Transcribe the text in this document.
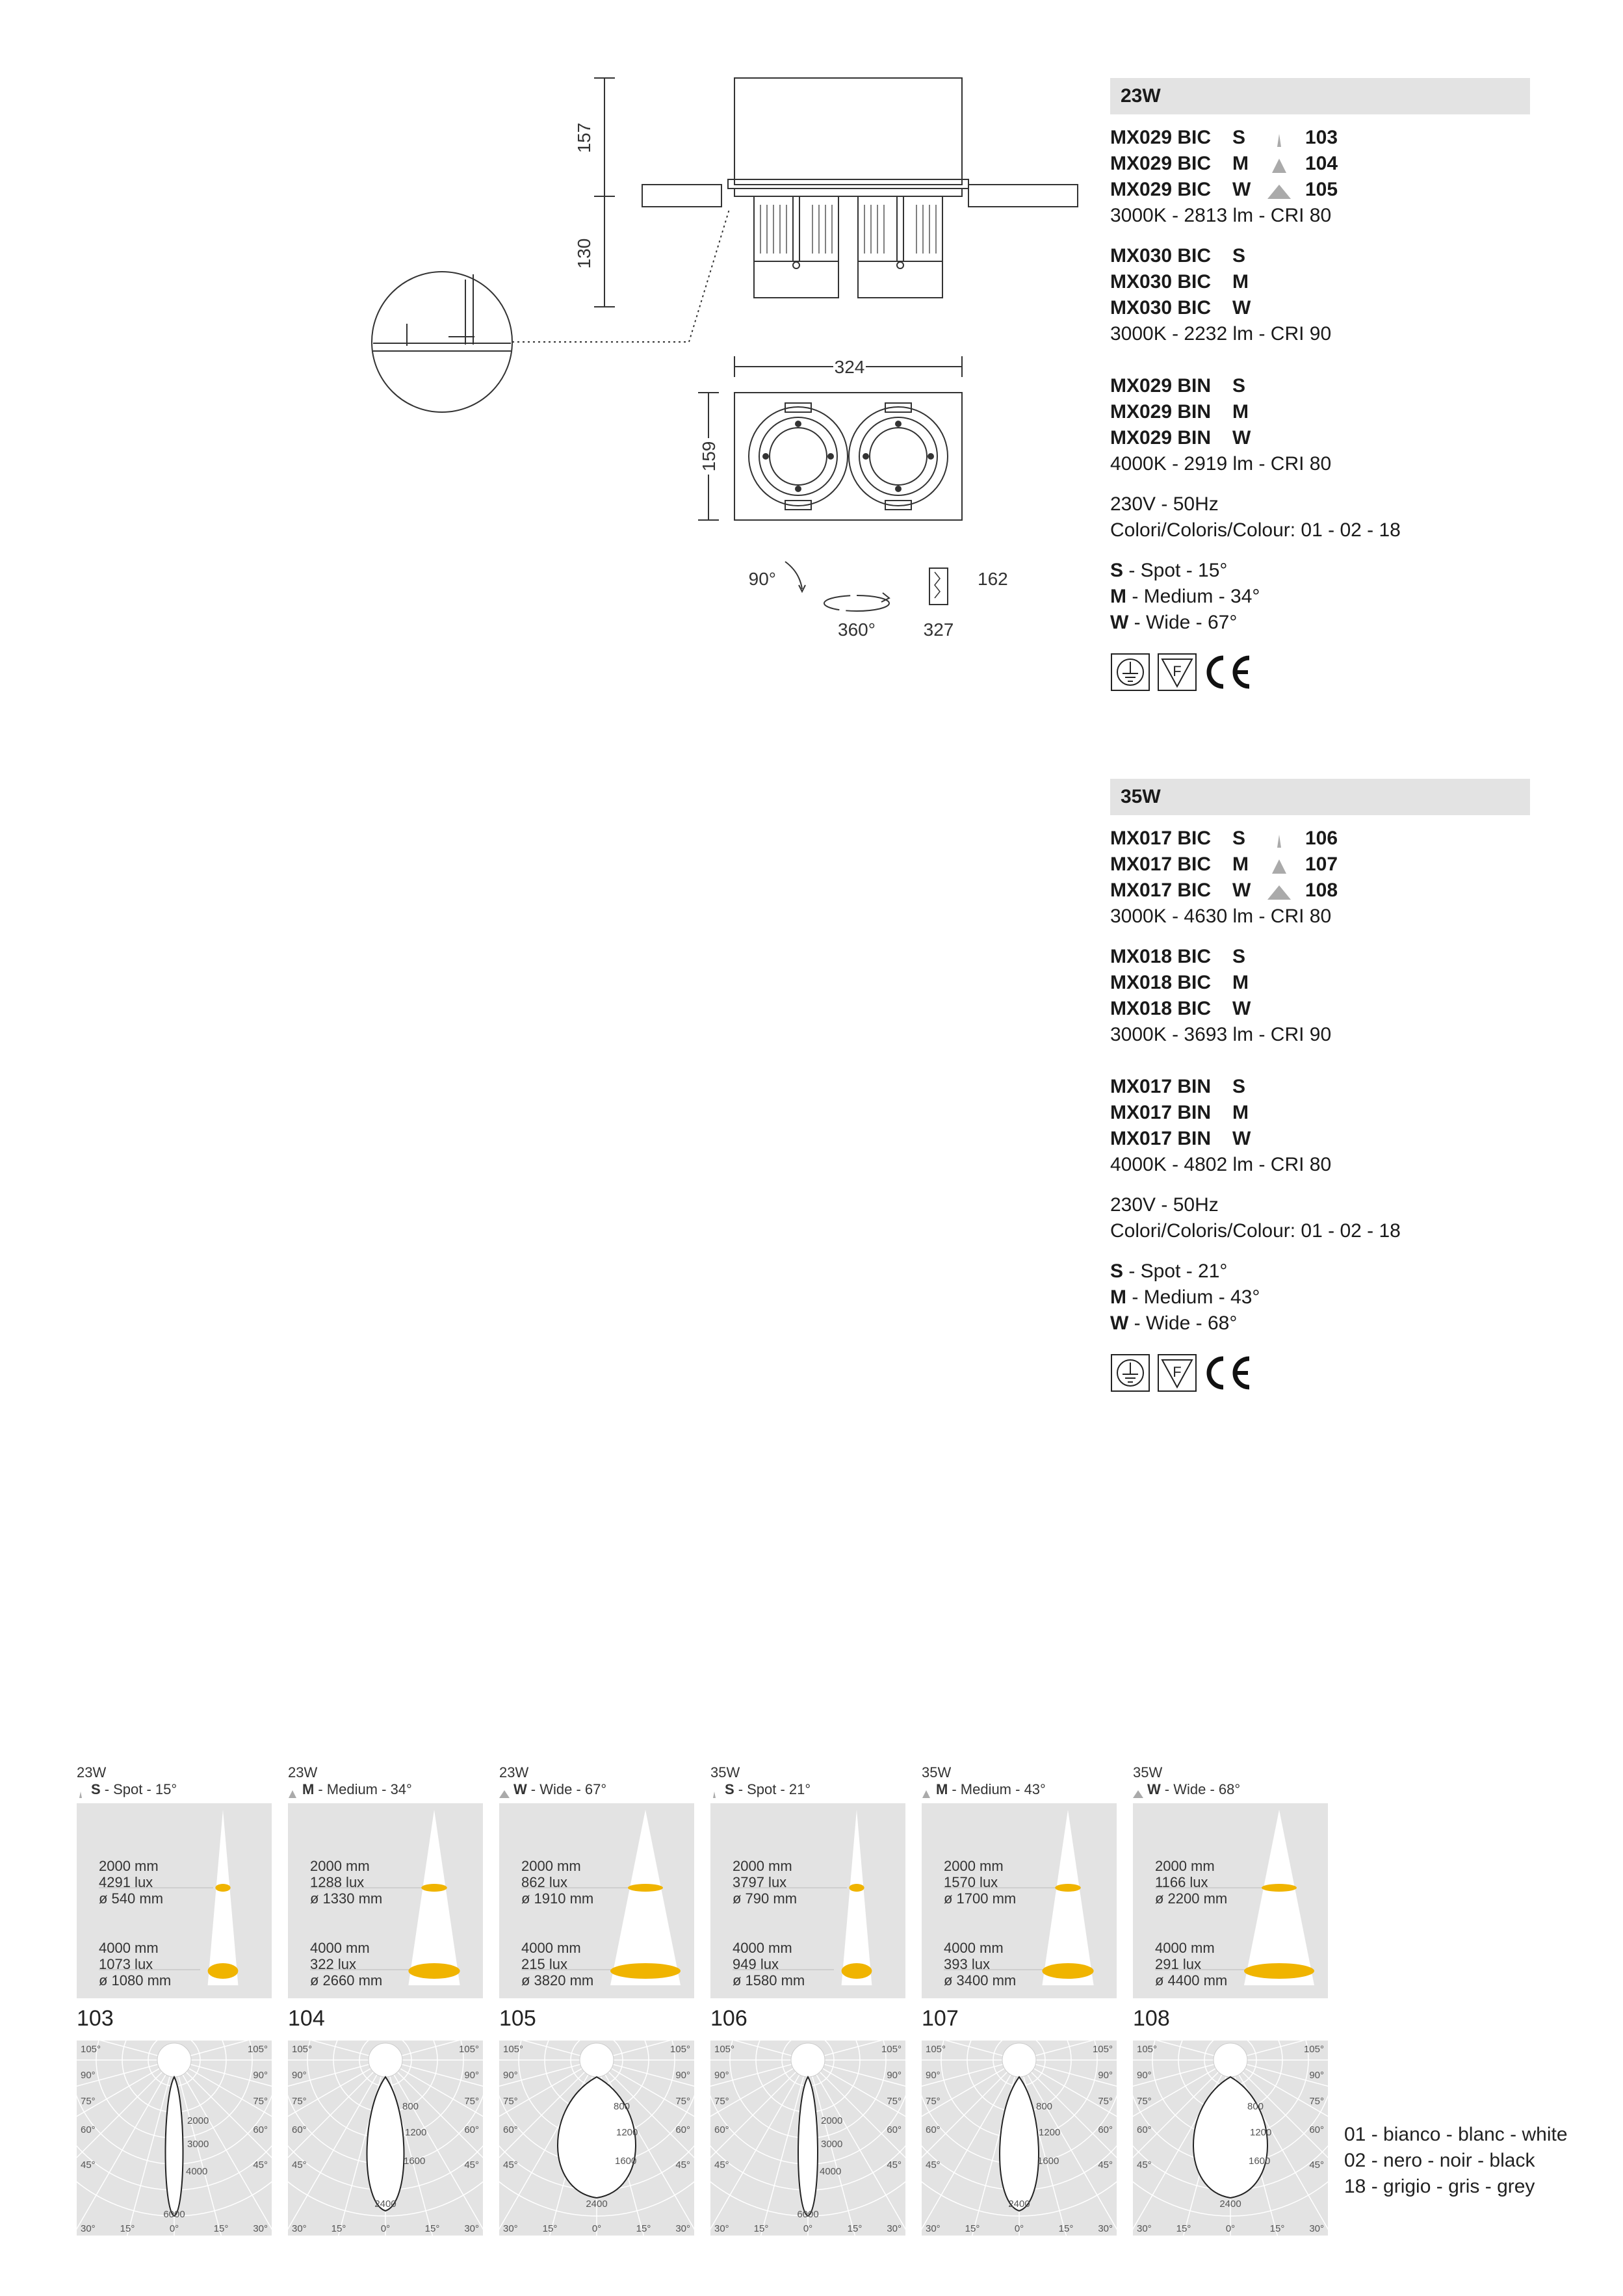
157
130
324
159
90°
360°
162
327
23W
MX029 BIC	S	103
MX029 BIC	M	104
MX029 BIC	W	105
3000K - 2813 lm - CRI 80
MX030 BIC	S
MX030 BIC	M
MX030 BIC	W
3000K - 2232 lm - CRI 90
MX029 BIN	S
MX029 BIN	M
MX029 BIN	W
4000K - 2919 lm - CRI 80
230V - 50Hz
Colori/Coloris/Colour: 01 - 02 - 18
S - Spot - 15°
M - Medium - 34°
W - Wide - 67°
F
35W
MX017 BIC	S	106
MX017 BIC	M	107
MX017 BIC	W	108
3000K - 4630 lm - CRI 80
MX018 BIC	S
MX018 BIC	M
MX018 BIC	W
3000K - 3693 lm - CRI 90
MX017 BIN	S
MX017 BIN	M
MX017 BIN	W
4000K - 4802 lm - CRI 80
230V - 50Hz
Colori/Coloris/Colour: 01 - 02 - 18
S - Spot - 21°
M - Medium - 43°
W - Wide - 68°
F
23W
S - Spot - 15°
2000 mm
4291 lux
ø 540 mm
4000 mm
1073 lux
ø 1080 mm
103
105°	105°
90°	90°
75°	75°
60°	60°
45°	45°
30°	30°
15°	15°
0°
2000
3000
4000
6000
23W
M - Medium - 34°
2000 mm
1288 lux
ø 1330 mm
4000 mm
322 lux
ø 2660 mm
104
105°	105°
90°	90°
75°	75°
60°	60°
45°	45°
30°	30°
15°	15°
0°
800
1200
1600
2400
23W
W - Wide - 67°
2000 mm
862 lux
ø 1910 mm
4000 mm
215 lux
ø 3820 mm
105
105°	105°
90°	90°
75°	75°
60°	60°
45°	45°
30°	30°
15°	15°
0°
800
1200
1600
2400
35W
S - Spot - 21°
2000 mm
3797 lux
ø 790 mm
4000 mm
949 lux
ø 1580 mm
106
105°	105°
90°	90°
75°	75°
60°	60°
45°	45°
30°	30°
15°	15°
0°
2000
3000
4000
6000
35W
M - Medium - 43°
2000 mm
1570 lux
ø 1700 mm
4000 mm
393 lux
ø 3400 mm
107
105°	105°
90°	90°
75°	75°
60°	60°
45°	45°
30°	30°
15°	15°
0°
800
1200
1600
2400
35W
W - Wide - 68°
2000 mm
1166 lux
ø 2200 mm
4000 mm
291 lux
ø 4400 mm
108
105°	105°
90°	90°
75°	75°
60°	60°
45°	45°
30°	30°
15°	15°
0°
800
1200
1600
2400
01 - bianco - blanc - white
02 - nero - noir - black
18 - grigio - gris - grey
